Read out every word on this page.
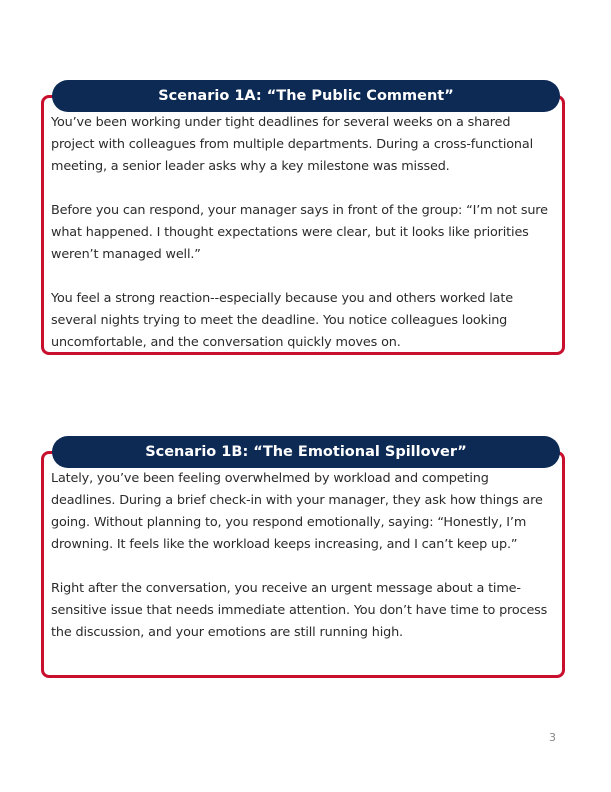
Scenario 1A: “The Public Comment”

You’ve been working under tight deadlines for several weeks on a shared project with colleagues from multiple departments. During a cross-functional meeting, a senior leader asks why a key milestone was missed.

Before you can respond, your manager says in front of the group: “I’m not sure what happened. I thought expectations were clear, but it looks like priorities weren’t managed well.”

You feel a strong reaction--especially because you and others worked late several nights trying to meet the deadline. You notice colleagues looking uncomfortable, and the conversation quickly moves on.

Scenario 1B: “The Emotional Spillover”

Lately, you’ve been feeling overwhelmed by workload and competing deadlines. During a brief check-in with your manager, they ask how things are going. Without planning to, you respond emotionally, saying: “Honestly, I’m drowning. It feels like the workload keeps increasing, and I can’t keep up.”

Right after the conversation, you receive an urgent message about a time-sensitive issue that needs immediate attention. You don’t have time to process the discussion, and your emotions are still running high.

3
